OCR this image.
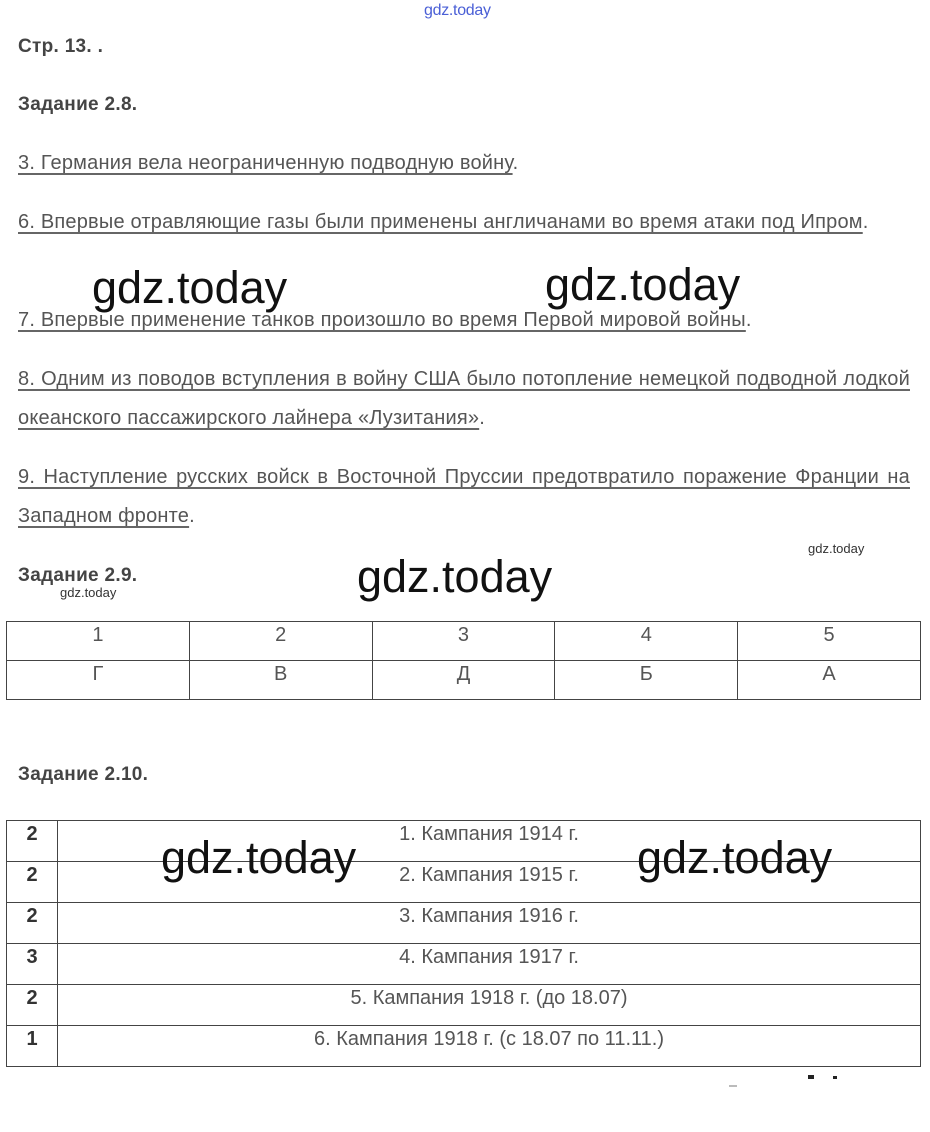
gdz.today
Стр. 13. .
Задание 2.8.
3. Германия вела неограниченную подводную войну.
6. Впервые отравляющие газы были применены англичанами во время атаки под Ипром.
7. Впервые применение танков произошло во время Первой мировой войны.
8. Одним из поводов вступления в войну США было потопление немецкой подводной лодкой океанского пассажирского лайнера «Лузитания».
9. Наступление русских войск в Восточной Пруссии предотвратило поражение Франции на Западном фронте.
Задание 2.9.
1	2	3	4	5
Г	В	Д	Б	А
Задание 2.10.
2	1. Кампания 1914 г.
2	2. Кампания 1915 г.
2	3. Кампания 1916 г.
3	4. Кампания 1917 г.
2	5. Кампания 1918 г. (до 18.07)
1	6. Кампания 1918 г. (с 18.07 по 11.11.)
gdz.today	gdz.today
gdz.today
gdz.today	gdz.today
gdz.today
gdz.today
